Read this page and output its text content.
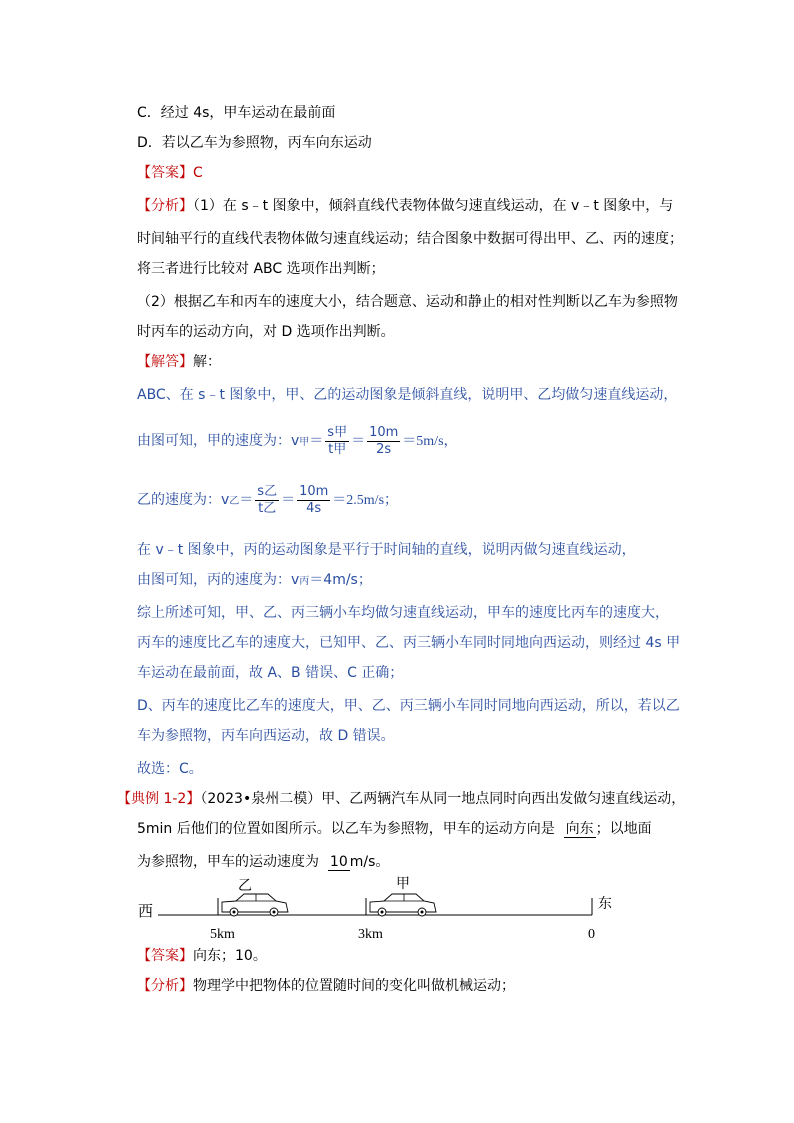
C．经过 4s，甲车运动在最前面
D．若以乙车为参照物，丙车向东运动
【答案】C
【分析】（1）在 s﹣t 图象中，倾斜直线代表物体做匀速直线运动，在 v﹣t 图象中，与
时间轴平行的直线代表物体做匀速直线运动；结合图象中数据可得出甲、乙、丙的速度；
将三者进行比较对 ABC 选项作出判断；
（2）根据乙车和丙车的速度大小，结合题意、运动和静止的相对性判断以乙车为参照物
时丙车的运动方向，对 D 选项作出判断。
【解答】解：
ABC、在 s﹣t 图象中，甲、乙的运动图象是倾斜直线，说明甲、乙均做匀速直线运动，
由图可知，甲的速度为：v甲＝ $\frac{\text{s甲}}{\text{t甲}} = \frac{10m}{2s} =5m/s$，
乙的速度为：v乙＝ $\frac{\text{s乙}}{\text{t乙}} = \frac{10m}{4s} =2.5m/s$；
在 v﹣t 图象中，丙的运动图象是平行于时间轴的直线，说明丙做匀速直线运动，
由图可知，丙的速度为：v丙＝4m/s；
综上所述可知，甲、乙、丙三辆小车均做匀速直线运动，甲车的速度比丙车的速度大，
丙车的速度比乙车的速度大，已知甲、乙、丙三辆小车同时同地向西运动，则经过 4s 甲
车运动在最前面，故 A、B 错误、C 正确；
D、丙车的速度比乙车的速度大，甲、乙、丙三辆小车同时同地向西运动，所以，若以乙
车为参照物，丙车向西运动，故 D 错误。
故选：C。
【典例 1-2】（2023•泉州二模）甲、乙两辆汽车从同一地点同时向西出发做匀速直线运动，
5min 后他们的位置如图所示。以乙车为参照物，甲车的运动方向是 向东 ；以地面
为参照物，甲车的运动速度为 10 m/s。
西	东
乙	甲
5km	3km	0
【答案】向东；10。
【分析】物理学中把物体的位置随时间的变化叫做机械运动；
